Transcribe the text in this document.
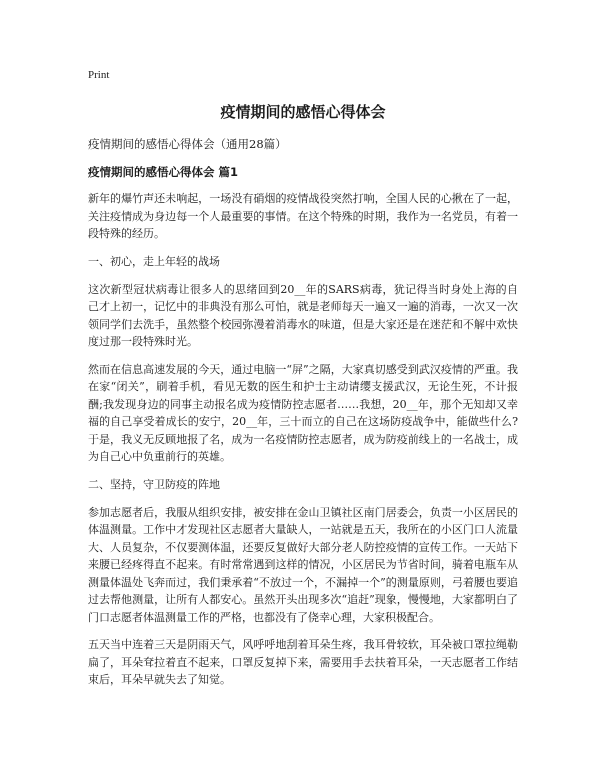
Print
疫情期间的感悟心得体会
疫情期间的感悟心得体会（通用28篇）
疫情期间的感悟心得体会 篇1

新年的爆竹声还未响起，一场没有硝烟的疫情战役突然打响，全国人民的心揪在了一起，关注疫情成为身边每一个人最重要的事情。在这个特殊的时期，我作为一名党员，有着一段特殊的经历。

一、初心，走上年轻的战场

这次新型冠状病毒让很多人的思绪回到20__年的SARS病毒，犹记得当时身处上海的自己才上初一，记忆中的非典没有那么可怕，就是老师每天一遍又一遍的消毒，一次又一次领同学们去洗手，虽然整个校园弥漫着消毒水的味道，但是大家还是在迷茫和不解中欢快度过那一段特殊时光。

然而在信息高速发展的今天，通过电脑一“屏”之隔，大家真切感受到武汉疫情的严重。我在家“闭关”，刷着手机，看见无数的医生和护士主动请缨支援武汉，无论生死，不计报酬;我发现身边的同事主动报名成为疫情防控志愿者……我想，20__年，那个无知却又幸福的自己享受着成长的安宁，20__年，三十而立的自己在这场防疫战争中，能做些什么?于是，我义无反顾地报了名，成为一名疫情防控志愿者，成为防疫前线上的一名战士，成为自己心中负重前行的英雄。

二、坚持，守卫防疫的阵地

参加志愿者后，我服从组织安排，被安排在金山卫镇社区南门居委会，负责一小区居民的体温测量。工作中才发现社区志愿者大量缺人，一站就是五天，我所在的小区门口人流量大、人员复杂，不仅要测体温，还要反复做好大部分老人防控疫情的宣传工作。一天站下来腰已经疼得直不起来。有时常常遇到这样的情况，小区居民为节省时间，骑着电瓶车从测量体温处飞奔而过，我们秉承着“不放过一个，不漏掉一个”的测量原则，弓着腰也要追过去帮他测量，让所有人都安心。虽然开头出现多次“追赶”现象，慢慢地，大家都明白了门口志愿者体温测量工作的严格，也都没有了侥幸心理，大家积极配合。

五天当中连着三天是阴雨天气，风呼呼地刮着耳朵生疼，我耳骨较软，耳朵被口罩拉绳勒扁了，耳朵耷拉着直不起来，口罩反复掉下来，需要用手去扶着耳朵，一天志愿者工作结束后，耳朵早就失去了知觉。
